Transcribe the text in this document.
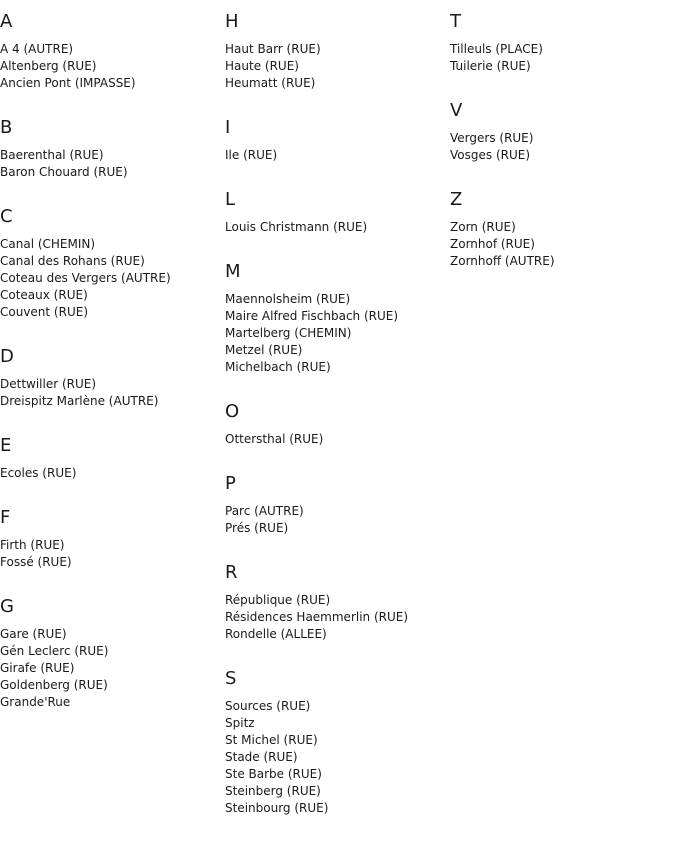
A
A 4 (AUTRE)
Altenberg (RUE)
Ancien Pont (IMPASSE)
B
Baerenthal (RUE)
Baron Chouard (RUE)
C
Canal (CHEMIN)
Canal des Rohans (RUE)
Coteau des Vergers (AUTRE)
Coteaux (RUE)
Couvent (RUE)
D
Dettwiller (RUE)
Dreispitz Marlène (AUTRE)
E
Ecoles (RUE)
F
Firth (RUE)
Fossé (RUE)
G
Gare (RUE)
Gén Leclerc (RUE)
Girafe (RUE)
Goldenberg (RUE)
Grande'Rue
H
Haut Barr (RUE)
Haute (RUE)
Heumatt (RUE)
I
Ile (RUE)
L
Louis Christmann (RUE)
M
Maennolsheim (RUE)
Maire Alfred Fischbach (RUE)
Martelberg (CHEMIN)
Metzel (RUE)
Michelbach (RUE)
O
Ottersthal (RUE)
P
Parc (AUTRE)
Prés (RUE)
R
République (RUE)
Résidences Haemmerlin (RUE)
Rondelle (ALLEE)
S
Sources (RUE)
Spitz
St Michel (RUE)
Stade (RUE)
Ste Barbe (RUE)
Steinberg (RUE)
Steinbourg (RUE)
T
Tilleuls (PLACE)
Tuilerie (RUE)
V
Vergers (RUE)
Vosges (RUE)
Z
Zorn (RUE)
Zornhof (RUE)
Zornhoff (AUTRE)
